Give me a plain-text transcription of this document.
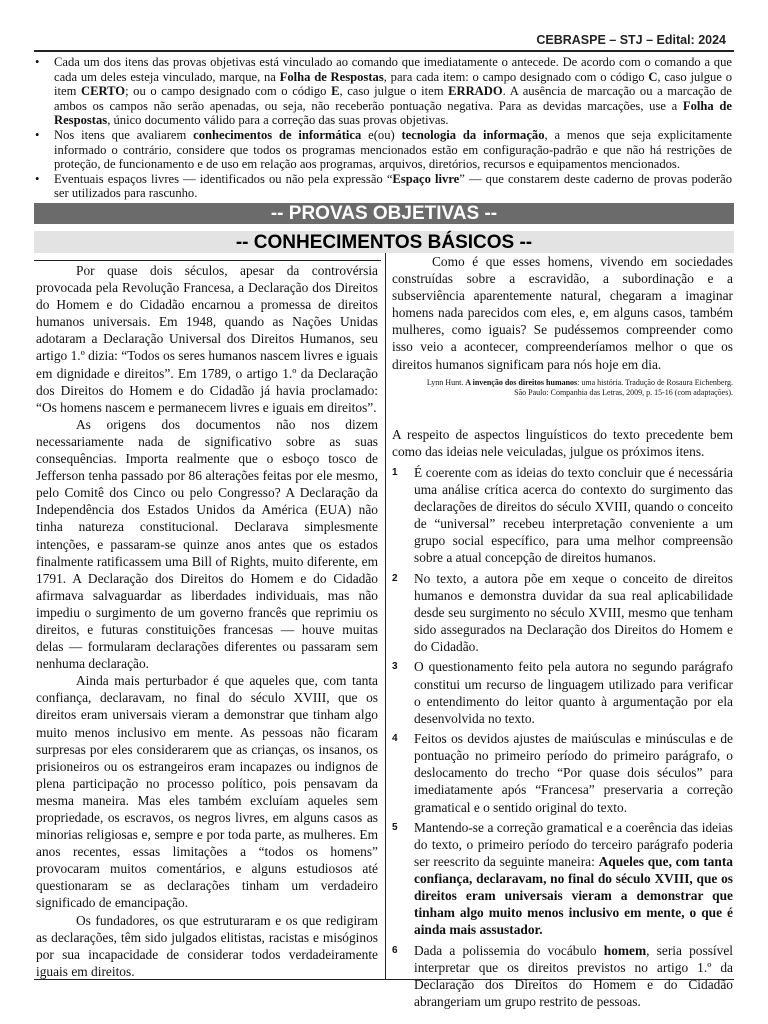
CEBRASPE – STJ – Edital: 2024
• Cada um dos itens das provas objetivas está vinculado ao comando que imediatamente o antecede. De acordo com o comando a que cada um deles esteja vinculado, marque, na Folha de Respostas, para cada item: o campo designado com o código C, caso julgue o item CERTO; ou o campo designado com o código E, caso julgue o item ERRADO. A ausência de marcação ou a marcação de ambos os campos não serão apenadas, ou seja, não receberão pontuação negativa. Para as devidas marcações, use a Folha de Respostas, único documento válido para a correção das suas provas objetivas.
• Nos itens que avaliarem conhecimentos de informática e(ou) tecnologia da informação, a menos que seja explicitamente informado o contrário, considere que todos os programas mencionados estão em configuração-padrão e que não há restrições de proteção, de funcionamento e de uso em relação aos programas, arquivos, diretórios, recursos e equipamentos mencionados.
• Eventuais espaços livres — identificados ou não pela expressão “Espaço livre” — que constarem deste caderno de provas poderão ser utilizados para rascunho.
-- PROVAS OBJETIVAS --
-- CONHECIMENTOS BÁSICOS --

Por quase dois séculos, apesar da controvérsia provocada pela Revolução Francesa, a Declaração dos Direitos do Homem e do Cidadão encarnou a promessa de direitos humanos universais. Em 1948, quando as Nações Unidas adotaram a Declaração Universal dos Direitos Humanos, seu artigo 1.º dizia: “Todos os seres humanos nascem livres e iguais em dignidade e direitos”. Em 1789, o artigo 1.º da Declaração dos Direitos do Homem e do Cidadão já havia proclamado: “Os homens nascem e permanecem livres e iguais em direitos”.

As origens dos documentos não nos dizem necessariamente nada de significativo sobre as suas consequências. Importa realmente que o esboço tosco de Jefferson tenha passado por 86 alterações feitas por ele mesmo, pelo Comitê dos Cinco ou pelo Congresso? A Declaração da Independência dos Estados Unidos da América (EUA) não tinha natureza constitucional. Declarava simplesmente intenções, e passaram-se quinze anos antes que os estados finalmente ratificassem uma Bill of Rights, muito diferente, em 1791. A Declaração dos Direitos do Homem e do Cidadão afirmava salvaguardar as liberdades individuais, mas não impediu o surgimento de um governo francês que reprimiu os direitos, e futuras constituições francesas — houve muitas delas — formularam declarações diferentes ou passaram sem nenhuma declaração.

Ainda mais perturbador é que aqueles que, com tanta confiança, declaravam, no final do século XVIII, que os direitos eram universais vieram a demonstrar que tinham algo muito menos inclusivo em mente. As pessoas não ficaram surpresas por eles considerarem que as crianças, os insanos, os prisioneiros ou os estrangeiros eram incapazes ou indignos de plena participação no processo político, pois pensavam da mesma maneira. Mas eles também excluíam aqueles sem propriedade, os escravos, os negros livres, em alguns casos as minorias religiosas e, sempre e por toda parte, as mulheres. Em anos recentes, essas limitações a “todos os homens” provocaram muitos comentários, e alguns estudiosos até questionaram se as declarações tinham um verdadeiro significado de emancipação.

Os fundadores, os que estruturaram e os que redigiram as declarações, têm sido julgados elitistas, racistas e misóginos por sua incapacidade de considerar todos verdadeiramente iguais em direitos.

Como é que esses homens, vivendo em sociedades construídas sobre a escravidão, a subordinação e a subserviência aparentemente natural, chegaram a imaginar homens nada parecidos com eles, e, em alguns casos, também mulheres, como iguais? Se pudéssemos compreender como isso veio a acontecer, compreenderíamos melhor o que os direitos humanos significam para nós hoje em dia.

Lynn Hunt. A invenção dos direitos humanos: uma história. Tradução de Rosaura Eichenberg.
São Paulo: Companhia das Letras, 2009, p. 15-16 (com adaptações).

A respeito de aspectos linguísticos do texto precedente bem como das ideias nele veiculadas, julgue os próximos itens.

1 É coerente com as ideias do texto concluir que é necessária uma análise crítica acerca do contexto do surgimento das declarações de direitos do século XVIII, quando o conceito de “universal” recebeu interpretação conveniente a um grupo social específico, para uma melhor compreensão sobre a atual concepção de direitos humanos.
2 No texto, a autora põe em xeque o conceito de direitos humanos e demonstra duvidar da sua real aplicabilidade desde seu surgimento no século XVIII, mesmo que tenham sido assegurados na Declaração dos Direitos do Homem e do Cidadão.
3 O questionamento feito pela autora no segundo parágrafo constitui um recurso de linguagem utilizado para verificar o entendimento do leitor quanto à argumentação por ela desenvolvida no texto.
4 Feitos os devidos ajustes de maiúsculas e minúsculas e de pontuação no primeiro período do primeiro parágrafo, o deslocamento do trecho “Por quase dois séculos” para imediatamente após “Francesa” preservaria a correção gramatical e o sentido original do texto.
5 Mantendo-se a correção gramatical e a coerência das ideias do texto, o primeiro período do terceiro parágrafo poderia ser reescrito da seguinte maneira: Aqueles que, com tanta confiança, declaravam, no final do século XVIII, que os direitos eram universais vieram a demonstrar que tinham algo muito menos inclusivo em mente, o que é ainda mais assustador.
6 Dada a polissemia do vocábulo homem, seria possível interpretar que os direitos previstos no artigo 1.º da Declaração dos Direitos do Homem e do Cidadão abrangeriam um grupo restrito de pessoas.
